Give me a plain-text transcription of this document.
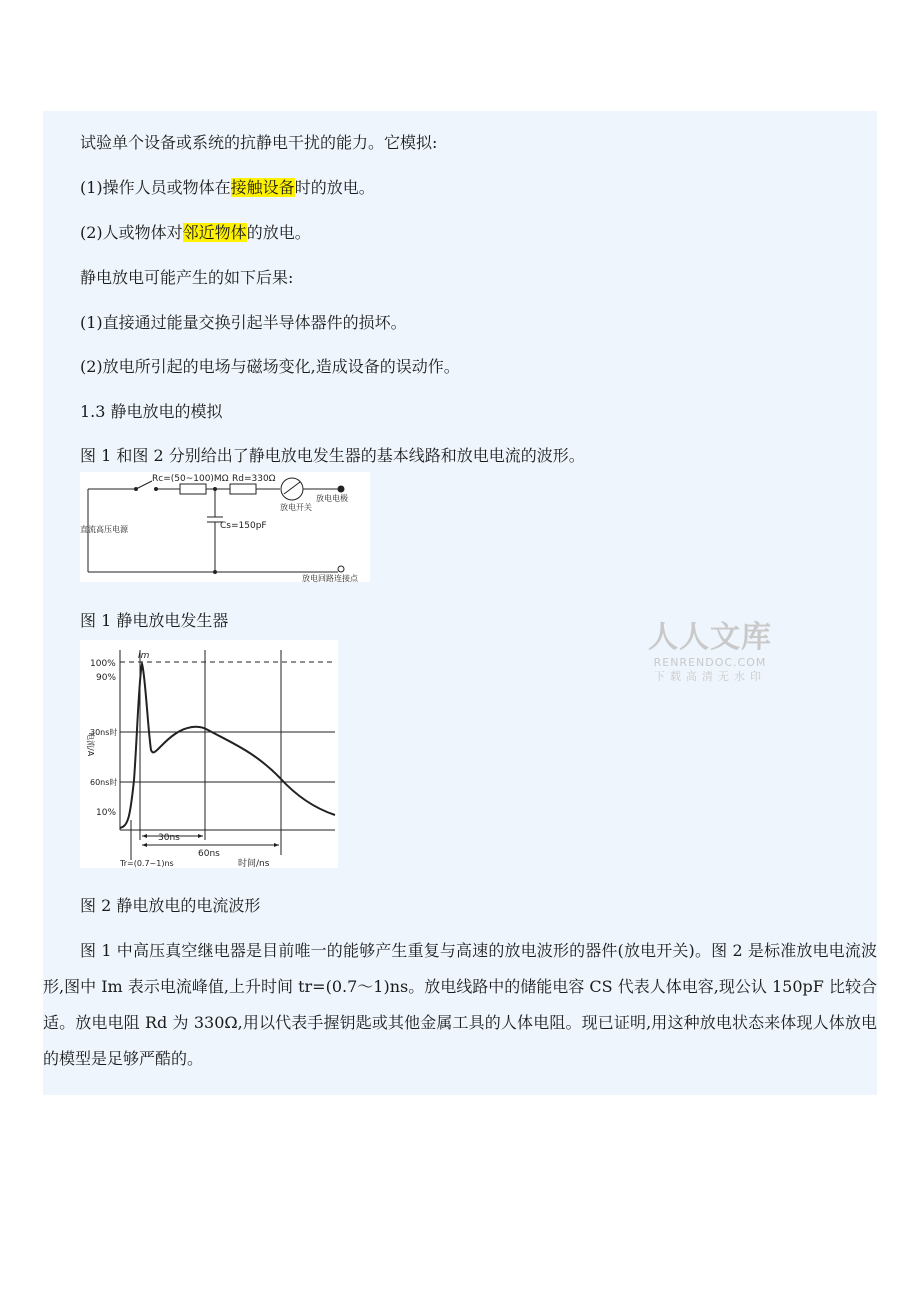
试验单个设备或系统的抗静电干扰的能力。它模拟:
(1)操作人员或物体在接触设备时的放电。
(2)人或物体对邻近物体的放电。
静电放电可能产生的如下后果:
(1)直接通过能量交换引起半导体器件的损坏。
(2)放电所引起的电场与磁场变化,造成设备的误动作。
1.3 静电放电的模拟
图 1 和图 2 分别给出了静电放电发生器的基本线路和放电电流的波形。
Rc=(50~100)MΩ Rd=330Ω
Cs=150pF
直流高压电源
放电开关
放电电极
放电回路连接点
图 1 静电放电发生器
100%
90%
30ns时
60ns时
10%
电流/A
Im
30ns
60ns
Tr=(0.7~1)ns	时间/ns
人人文库
RENRENDOC.COM
下载高清无水印
图 2 静电放电的电流波形

图 1 中高压真空继电器是目前唯一的能够产生重复与高速的放电波形的器件(放电开关)。图 2 是标准放电电流波形,图中 Im 表示电流峰值,上升时间 tr=(0.7～1)ns。放电线路中的储能电容 CS 代表人体电容,现公认 150pF 比较合适。放电电阻 Rd 为 330Ω,用以代表手握钥匙或其他金属工具的人体电阻。现已证明,用这种放电状态来体现人体放电的模型是足够严酷的。
